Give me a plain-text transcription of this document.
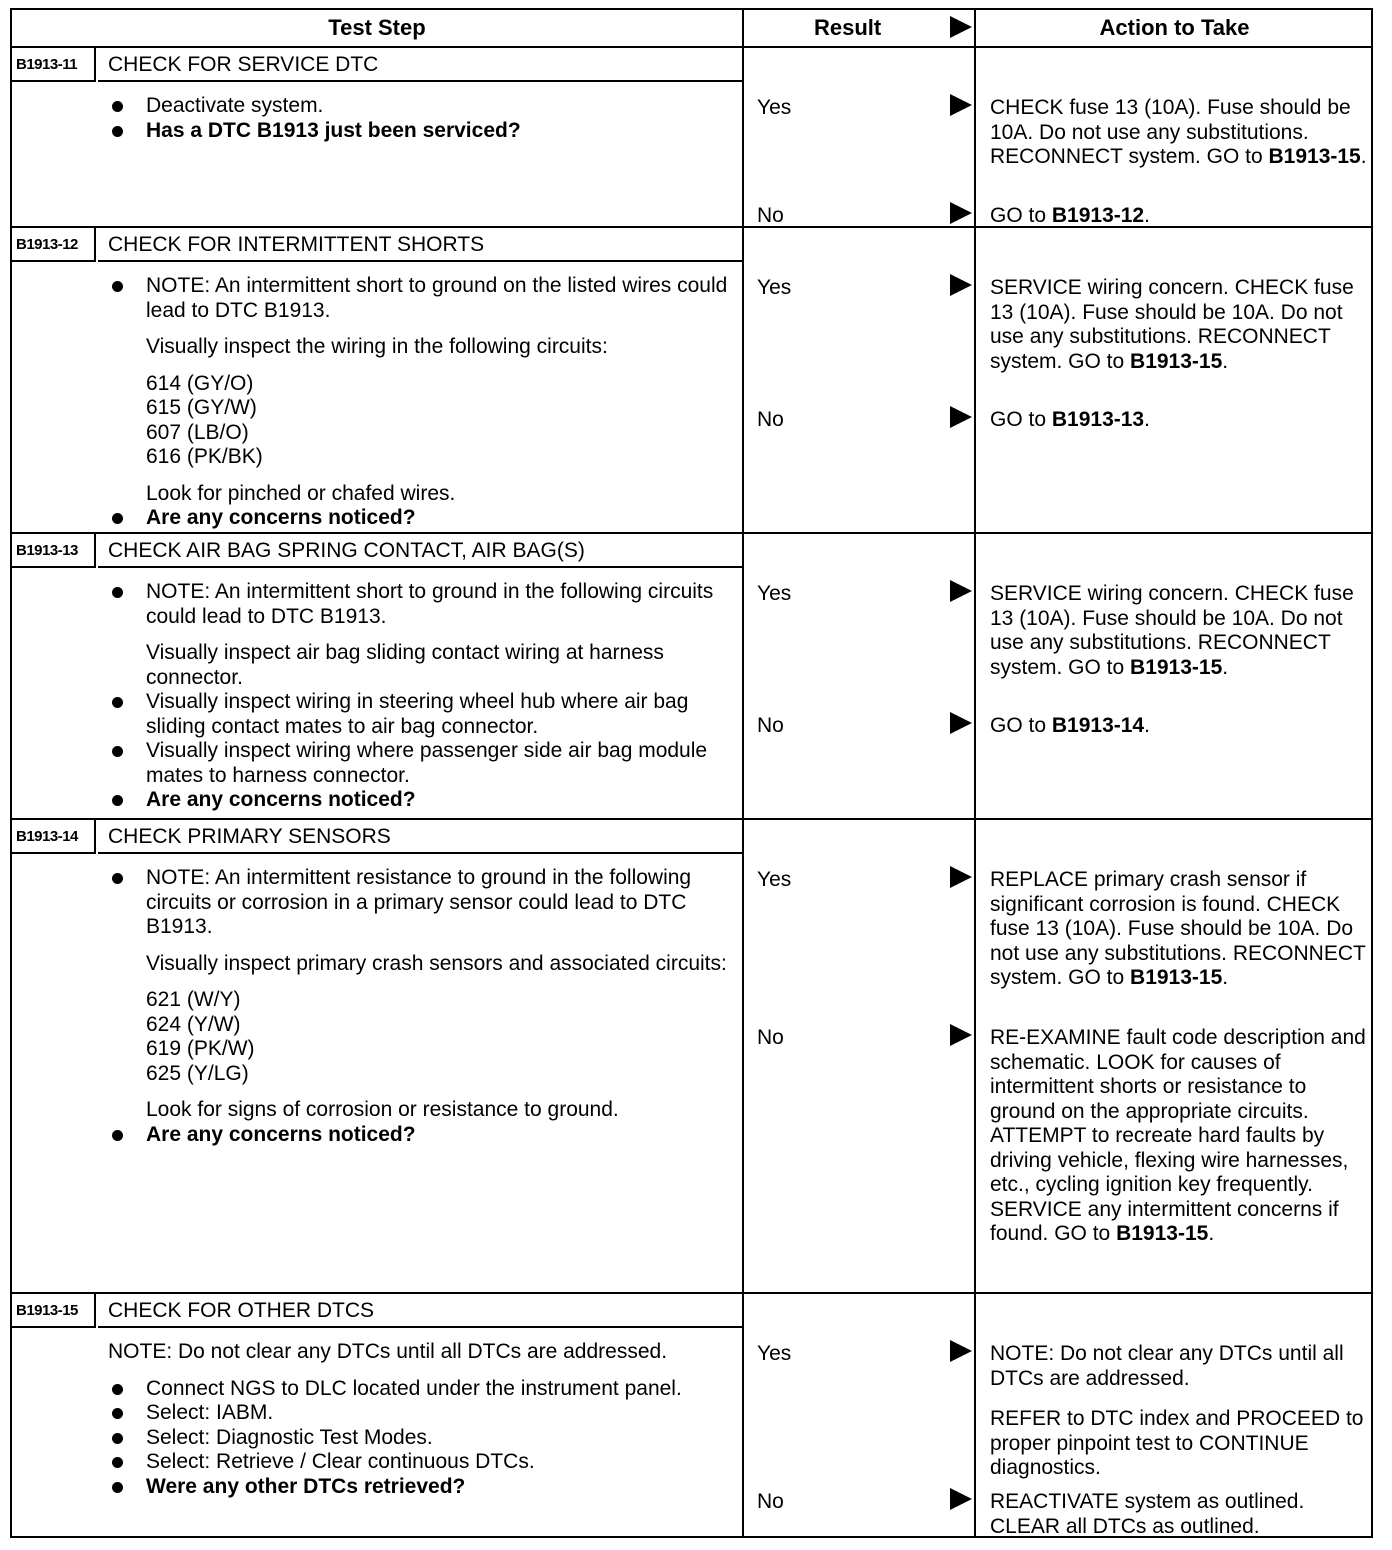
Test Step	Result	Action to Take
B1913-11	CHECK FOR SERVICE DTC
Deactivate system.
Has a DTC B1913 just been serviced?
Yes	CHECK fuse 13 (10A). Fuse should be 10A. Do not use any substitutions. RECONNECT system. GO to B1913-15.
No	GO to B1913-12.
B1913-12	CHECK FOR INTERMITTENT SHORTS
NOTE: An intermittent short to ground on the listed wires could lead to DTC B1913.
Visually inspect the wiring in the following circuits:
614 (GY/O)
615 (GY/W)
607 (LB/O)
616 (PK/BK)
Look for pinched or chafed wires.
Are any concerns noticed?
Yes	SERVICE wiring concern. CHECK fuse 13 (10A). Fuse should be 10A. Do not use any substitutions. RECONNECT system. GO to B1913-15.
No	GO to B1913-13.
B1913-13	CHECK AIR BAG SPRING CONTACT, AIR BAG(S)
NOTE: An intermittent short to ground in the following circuits could lead to DTC B1913.
Visually inspect air bag sliding contact wiring at harness connector.
Visually inspect wiring in steering wheel hub where air bag sliding contact mates to air bag connector.
Visually inspect wiring where passenger side air bag module mates to harness connector.
Are any concerns noticed?
Yes	SERVICE wiring concern. CHECK fuse 13 (10A). Fuse should be 10A. Do not use any substitutions. RECONNECT system. GO to B1913-15.
No	GO to B1913-14.
B1913-14	CHECK PRIMARY SENSORS
NOTE: An intermittent resistance to ground in the following circuits or corrosion in a primary sensor could lead to DTC B1913.
Visually inspect primary crash sensors and associated circuits:
621 (W/Y)
624 (Y/W)
619 (PK/W)
625 (Y/LG)
Look for signs of corrosion or resistance to ground.
Are any concerns noticed?
Yes	REPLACE primary crash sensor if significant corrosion is found. CHECK fuse 13 (10A). Fuse should be 10A. Do not use any substitutions. RECONNECT system. GO to B1913-15.
No	RE-EXAMINE fault code description and schematic. LOOK for causes of intermittent shorts or resistance to ground on the appropriate circuits. ATTEMPT to recreate hard faults by driving vehicle, flexing wire harnesses, etc., cycling ignition key frequently. SERVICE any intermittent concerns if found. GO to B1913-15.
B1913-15	CHECK FOR OTHER DTCS
NOTE: Do not clear any DTCs until all DTCs are addressed.
Connect NGS to DLC located under the instrument panel.
Select: IABM.
Select: Diagnostic Test Modes.
Select: Retrieve / Clear continuous DTCs.
Were any other DTCs retrieved?
Yes	NOTE: Do not clear any DTCs until all DTCs are addressed.

REFER to DTC index and PROCEED to proper pinpoint test to CONTINUE diagnostics.

No	REACTIVATE system as outlined. CLEAR all DTCs as outlined.
